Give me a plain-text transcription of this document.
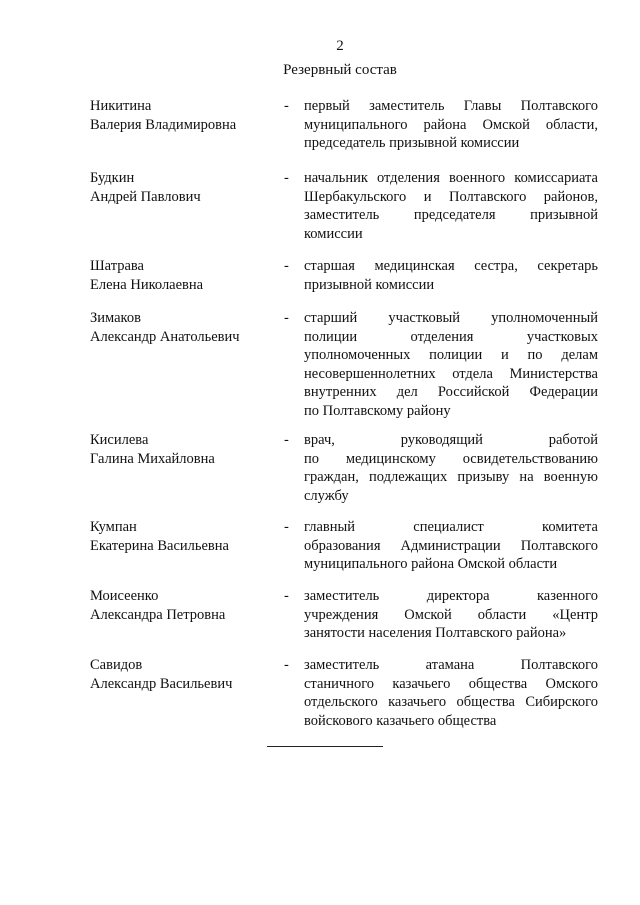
2
Резервный состав
Никитина
Валерия Владимировна
- первый заместитель Главы Полтавского
муниципального района Омской области,
председатель призывной комиссии
Будкин
Андрей Павлович
- начальник отделения военного комиссариата
Шербакульского и Полтавского районов,
заместитель председателя призывной
комиссии
Шатрава
Елена Николаевна
- старшая медицинская сестра, секретарь
призывной комиссии
Зимаков
Александр Анатольевич
- старший участковый уполномоченный
полиции отделения участковых
уполномоченных полиции и по делам
несовершеннолетних отдела Министерства
внутренних дел Российской Федерации
по Полтавскому району
Кисилева
Галина Михайловна
- врач, руководящий работой
по медицинскому освидетельствованию
граждан, подлежащих призыву на военную
службу
Кумпан
Екатерина Васильевна
- главный специалист комитета
образования Администрации Полтавского
муниципального района Омской области
Моисеенко
Александра Петровна
- заместитель директора казенного
учреждения Омской области «Центр
занятости населения Полтавского района»
Савидов
Александр Васильевич
- заместитель атамана Полтавского
станичного казачьего общества Омского
отдельского казачьего общества Сибирского
войскового казачьего общества
